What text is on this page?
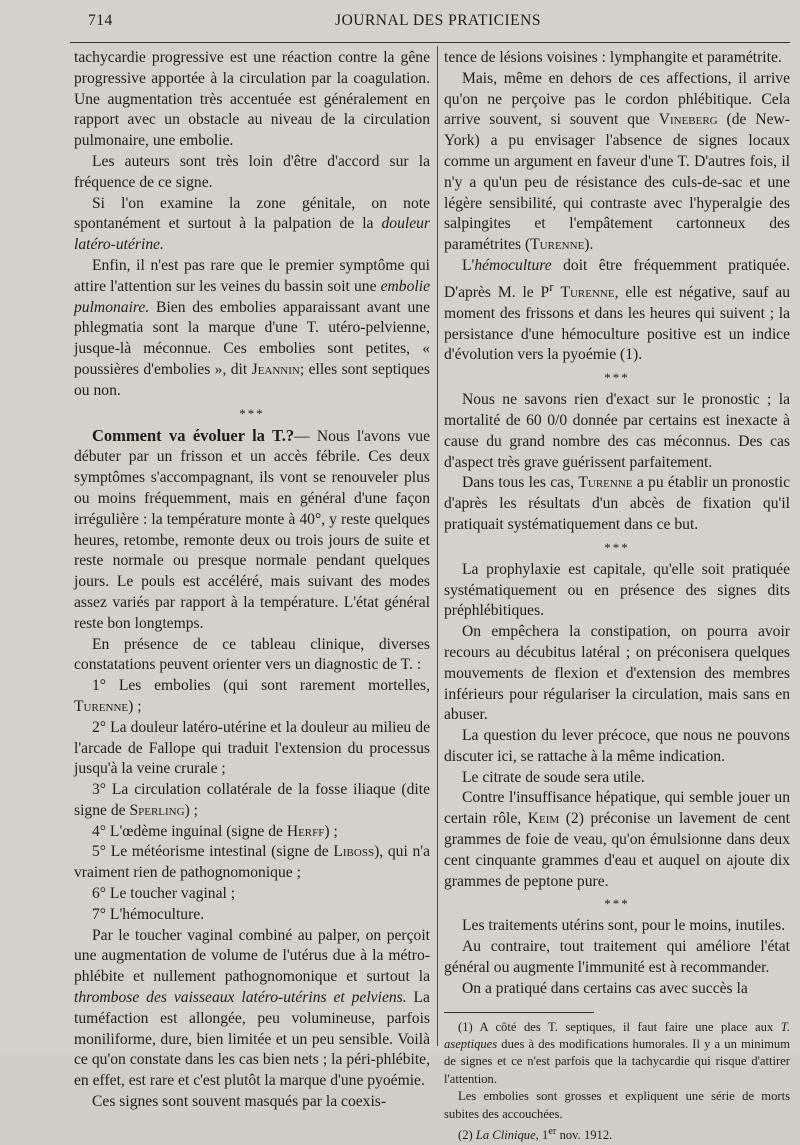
714	JOURNAL DES PRATICIENS

tachycardie progressive est une réaction contre la gêne progressive apportée à la circulation par la coagulation. Une augmentation très accentuée est généralement en rapport avec un obstacle au niveau de la circulation pulmonaire, une embolie.

Les auteurs sont très loin d'être d'accord sur la fréquence de ce signe.

Si l'on examine la zone génitale, on note spontanément et surtout à la palpation de la douleur latéro-utérine.

Enfin, il n'est pas rare que le premier symptôme qui attire l'attention sur les veines du bassin soit une embolie pulmonaire. Bien des embolies apparaissant avant une phlegmatia sont la marque d'une T. utéro-pelvienne, jusque-là méconnue. Ces embolies sont petites, « poussières d'embolies », dit Jeannin; elles sont septiques ou non.

***

Comment va évoluer la T.?— Nous l'avons vue débuter par un frisson et un accès fébrile. Ces deux symptômes s'accompagnant, ils vont se renouveler plus ou moins fréquemment, mais en général d'une façon irrégulière : la température monte à 40°, y reste quelques heures, retombe, remonte deux ou trois jours de suite et reste normale ou presque normale pendant quelques jours. Le pouls est accéléré, mais suivant des modes assez variés par rapport à la température. L'état général reste bon longtemps.

En présence de ce tableau clinique, diverses constatations peuvent orienter vers un diagnostic de T. :

1° Les embolies (qui sont rarement mortelles, Turenne) ;

2° La douleur latéro-utérine et la douleur au milieu de l'arcade de Fallope qui traduit l'extension du processus jusqu'à la veine crurale ;

3° La circulation collatérale de la fosse iliaque (dite signe de Sperling) ;

4° L'œdème inguinal (signe de Herff) ;

5° Le météorisme intestinal (signe de Liboss), qui n'a vraiment rien de pathognomonique ;

6° Le toucher vaginal ;

7° L'hémoculture.

Par le toucher vaginal combiné au palper, on perçoit une augmentation de volume de l'utérus due à la métro-phlébite et nullement pathognomonique et surtout la thrombose des vaisseaux latéro-utérins et pelviens. La tuméfaction est allongée, peu volumineuse, parfois moniliforme, dure, bien limitée et un peu sensible. Voilà ce qu'on constate dans les cas bien nets ; la péri-phlébite, en effet, est rare et c'est plutôt la marque d'une pyoémie.

Ces signes sont souvent masqués par la coexis-

tence de lésions voisines : lymphangite et paramétrite.

Mais, même en dehors de ces affections, il arrive qu'on ne perçoive pas le cordon phlébitique. Cela arrive souvent, si souvent que Vineberg (de New-York) a pu envisager l'absence de signes locaux comme un argument en faveur d'une T. D'autres fois, il n'y a qu'un peu de résistance des culs-de-sac et une légère sensibilité, qui contraste avec l'hyperalgie des salpingites et l'empâtement cartonneux des paramétrites (Turenne).

L'hémoculture doit être fréquemment pratiquée. D'après M. le $P^r$ Turenne, elle est négative, sauf au moment des frissons et dans les heures qui suivent ; la persistance d'une hémoculture positive est un indice d'évolution vers la pyoémie (1).

***

Nous ne savons rien d'exact sur le pronostic ; la mortalité de 60 0/0 donnée par certains est inexacte à cause du grand nombre des cas méconnus. Des cas d'aspect très grave guérissent parfaitement.

Dans tous les cas, Turenne a pu établir un pronostic d'après les résultats d'un abcès de fixation qu'il pratiquait systématiquement dans ce but.

***

La prophylaxie est capitale, qu'elle soit pratiquée systématiquement ou en présence des signes dits préphlébitiques.

On empêchera la constipation, on pourra avoir recours au décubitus latéral ; on préconisera quelques mouvements de flexion et d'extension des membres inférieurs pour régulariser la circulation, mais sans en abuser.

La question du lever précoce, que nous ne pouvons discuter ici, se rattache à la même indication.

Le citrate de soude sera utile.

Contre l'insuffisance hépatique, qui semble jouer un certain rôle, Keim (2) préconise un lavement de cent grammes de foie de veau, qu'on émulsionne dans deux cent cinquante grammes d'eau et auquel on ajoute dix grammes de peptone pure.

***

Les traitements utérins sont, pour le moins, inutiles.

Au contraire, tout traitement qui améliore l'état général ou augmente l'immunité est à recommander.

On a pratiqué dans certains cas avec succès la

(1) A côté des T. septiques, il faut faire une place aux T. aseptiques dues à des modifications humorales. Il y a un minimum de signes et ce n'est parfois que la tachycardie qui risque d'attirer l'attention.

Les embolies sont grosses et expliquent une série de morts subites des accouchées.

(2) La Clinique, 1er nov. 1912.
